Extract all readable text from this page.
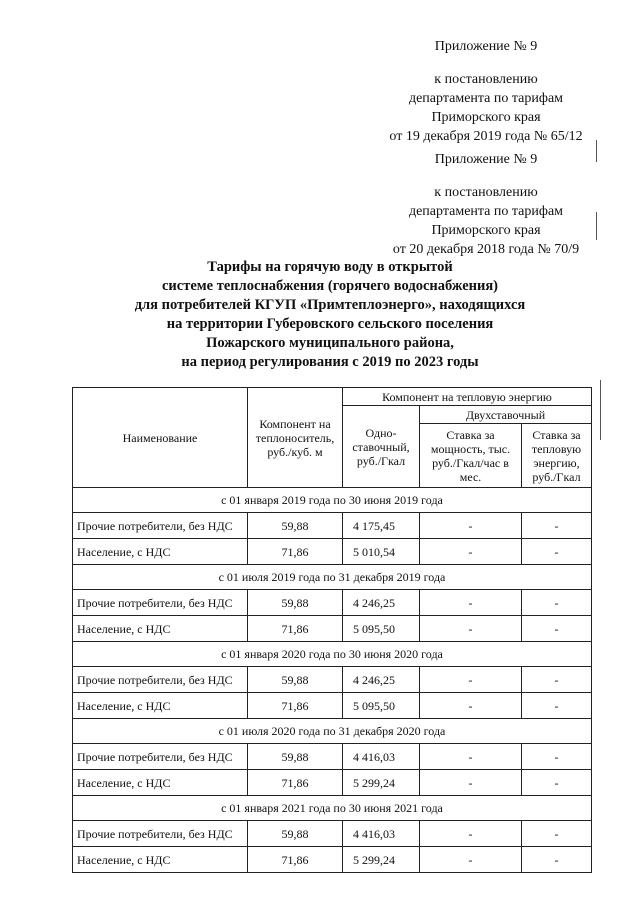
Приложение № 9
к постановлению
департамента по тарифам
Приморского края
от 19 декабря 2019 года № 65/12
Приложение № 9
к постановлению
департамента по тарифам
Приморского края
от 20 декабря 2018 года № 70/9
Тарифы на горячую воду в открытой
системе теплоснабжения (горячего водоснабжения)
для потребителей КГУП «Примтеплоэнерго», находящихся
на территории Губеровского сельского поселения
Пожарского муниципального района,
на период регулирования с 2019 по 2023 годы
Наименование	Компонент на теплоноситель, руб./куб. м	Компонент на тепловую энергию		
		Одно-ставочный, руб./Гкал	Двухставочный	
			Ставка за мощность, тыс. руб./Гкал/час в мес.	Ставка за тепловую энергию, руб./Гкал
с 01 января 2019 года по 30 июня 2019 года				
Прочие потребители, без НДС	59,88	4 175,45	-	-
Население, с НДС	71,86	5 010,54	-	-
с 01 июля 2019 года по 31 декабря 2019 года				
Прочие потребители, без НДС	59,88	4 246,25	-	-
Население, с НДС	71,86	5 095,50	-	-
с 01 января 2020 года по 30 июня 2020 года				
Прочие потребители, без НДС	59,88	4 246,25	-	-
Население, с НДС	71,86	5 095,50	-	-
с 01 июля 2020 года по 31 декабря 2020 года				
Прочие потребители, без НДС	59,88	4 416,03	-	-
Население, с НДС	71,86	5 299,24	-	-
с 01 января 2021 года по 30 июня 2021 года				
Прочие потребители, без НДС	59,88	4 416,03	-	-
Население, с НДС	71,86	5 299,24	-	-
